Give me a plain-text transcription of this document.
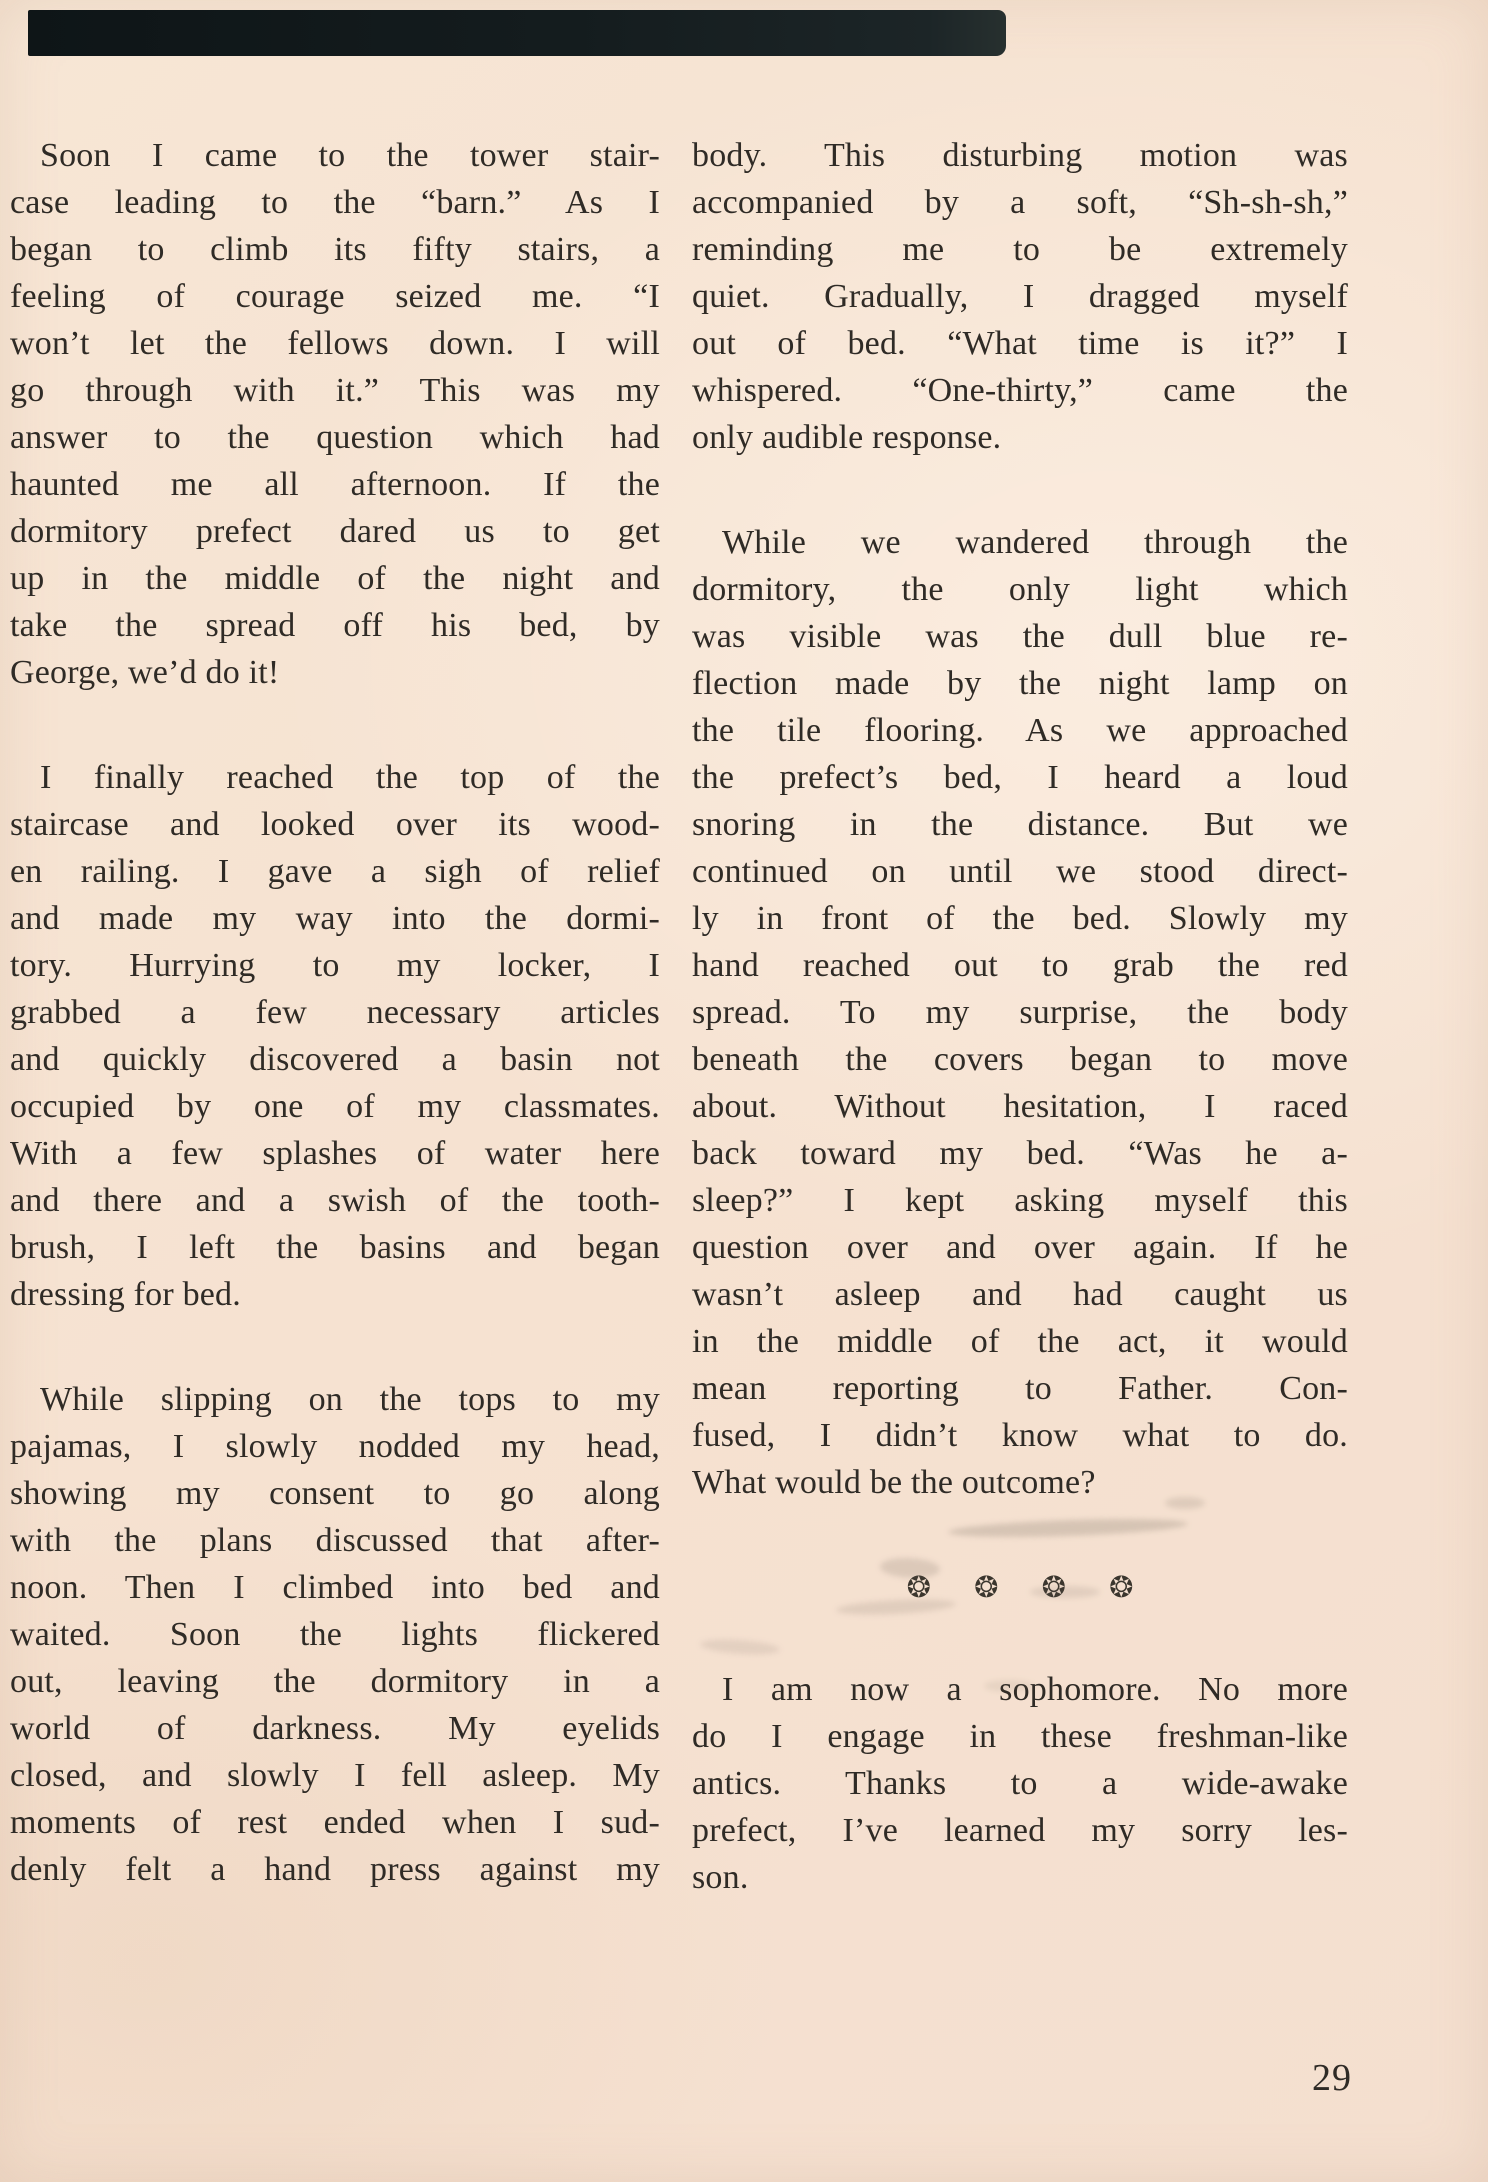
Soon I came to the tower stair-
case leading to the “barn.” As I
began to climb its fifty stairs, a
feeling of courage seized me. “I
won’t let the fellows down. I will
go through with it.” This was my
answer to the question which had
haunted me all afternoon. If the
dormitory prefect dared us to get
up in the middle of the night and
take the spread off his bed, by
George, we’d do it!

I finally reached the top of the
staircase and looked over its wood-
en railing. I gave a sigh of relief
and made my way into the dormi-
tory. Hurrying to my locker, I
grabbed a few necessary articles
and quickly discovered a basin not
occupied by one of my classmates.
With a few splashes of water here
and there and a swish of the tooth-
brush, I left the basins and began
dressing for bed.

While slipping on the tops to my
pajamas, I slowly nodded my head,
showing my consent to go along
with the plans discussed that after-
noon. Then I climbed into bed and
waited. Soon the lights flickered
out, leaving the dormitory in a
world of darkness. My eyelids
closed, and slowly I fell asleep. My
moments of rest ended when I sud-
denly felt a hand press against my

body. This disturbing motion was
accompanied by a soft, “Sh-sh-sh,”
reminding me to be extremely
quiet. Gradually, I dragged myself
out of bed. “What time is it?” I
whispered. “One-thirty,” came the
only audible response.

While we wandered through the
dormitory, the only light which
was visible was the dull blue re-
flection made by the night lamp on
the tile flooring. As we approached
the prefect’s bed, I heard a loud
snoring in the distance. But we
continued on until we stood direct-
ly in front of the bed. Slowly my
hand reached out to grab the red
spread. To my surprise, the body
beneath the covers began to move
about. Without hesitation, I raced
back toward my bed. “Was he a-
sleep?” I kept asking myself this
question over and over again. If he
wasn’t asleep and had caught us
in the middle of the act, it would
mean reporting to Father. Con-
fused, I didn’t know what to do.
What would be the outcome?

❂ ❂ ❂ ❂

I am now a sophomore. No more
do I engage in these freshman-like
antics. Thanks to a wide-awake
prefect, I’ve learned my sorry les-
son.

29
